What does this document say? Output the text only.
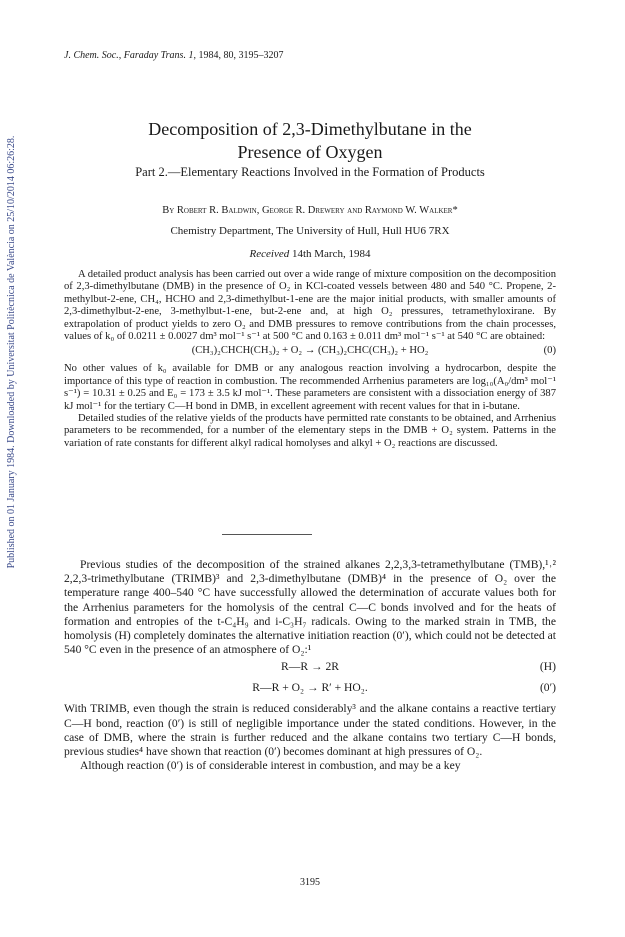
Published on 01 January 1984. Downloaded by Universitat Politècnica de València on 25/10/2014 06:26:28.
J. Chem. Soc., Faraday Trans. 1, 1984, 80, 3195–3207
Decomposition of 2,3-Dimethylbutane in the
Presence of Oxygen
Part 2.—Elementary Reactions Involved in the Formation of Products
By Robert R. Baldwin, George R. Drewery and Raymond W. Walker*
Chemistry Department, The University of Hull, Hull HU6 7RX
Received 14th March, 1984

A detailed product analysis has been carried out over a wide range of mixture composition on the decomposition of 2,3-dimethylbutane (DMB) in the presence of O₂ in KCl-coated vessels between 480 and 540 °C. Propene, 2-methylbut-2-ene, CH₄, HCHO and 2,3-dimethylbut-1-ene are the major initial products, with smaller amounts of 2,3-dimethylbut-2-ene, 3-methylbut-1-ene, but-2-ene and, at high O₂ pressures, tetramethyloxirane. By extrapolation of product yields to zero O₂ and DMB pressures to remove contributions from the chain processes, values of k₀ of 0.0211 ± 0.0027 dm³ mol⁻¹ s⁻¹ at 500 °C and 0.163 ± 0.011 dm³ mol⁻¹ s⁻¹ at 540 °C are obtained:

(CH₃)₂CHCH(CH₃)₂ + O₂ → (CH₃)₂CHC(CH₃)₂ + HO₂	(0)

No other values of k₀ available for DMB or any analogous reaction involving a hydrocarbon, despite the importance of this type of reaction in combustion. The recommended Arrhenius parameters are log₁₀(A₀/dm³ mol⁻¹ s⁻¹) = 10.31 ± 0.25 and E₀ = 173 ± 3.5 kJ mol⁻¹. These parameters are consistent with a dissociation energy of 387 kJ mol⁻¹ for the tertiary C—H bond in DMB, in excellent agreement with recent values for that in i-butane.

Detailed studies of the relative yields of the products have permitted rate constants to be obtained, and Arrhenius parameters to be recommended, for a number of the elementary steps in the DMB + O₂ system. Patterns in the variation of rate constants for different alkyl radical homolyses and alkyl + O₂ reactions are discussed.

Previous studies of the decomposition of the strained alkanes 2,2,3,3-tetramethylbutane (TMB),¹˒² 2,2,3-trimethylbutane (TRIMB)³ and 2,3-dimethylbutane (DMB)⁴ in the presence of O₂ over the temperature range 400–540 °C have successfully allowed the determination of accurate values both for the Arrhenius parameters for the homolysis of the central C—C bonds involved and for the heats of formation and entropies of the t-C₄H₉ and i-C₃H₇ radicals. Owing to the marked strain in TMB, the homolysis (H) completely dominates the alternative initiation reaction (0′), which could not be detected at 540 °C even in the presence of an atmosphere of O₂:¹

R—R → 2R	(H)
R—R + O₂ → R′ + HO₂.	(0′)

With TRIMB, even though the strain is reduced considerably³ and the alkane contains a reactive tertiary C—H bond, reaction (0′) is still of negligible importance under the stated conditions. However, in the case of DMB, where the strain is further reduced and the alkane contains two tertiary C—H bonds, previous studies⁴ have shown that reaction (0′) becomes dominant at high pressures of O₂.

Although reaction (0′) is of considerable interest in combustion, and may be a key

3195
